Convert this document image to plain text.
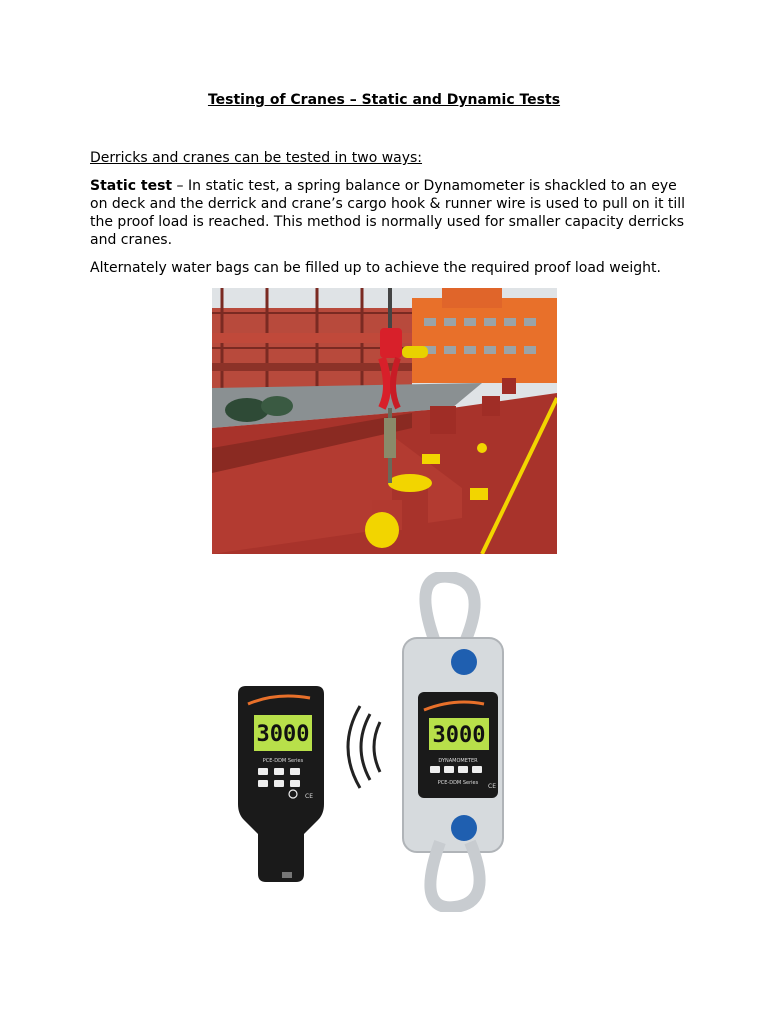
Testing of Cranes – Static and Dynamic Tests

Derricks and cranes can be tested in two ways:

Static test – In static test, a spring balance or Dynamometer is shackled to an eye on deck and the derrick and crane’s cargo hook & runner wire is used to pull on it till the proof load is reached. This method is normally used for smaller capacity derricks and cranes.

Alternately water bags can be filled up to achieve the required proof load weight.

3000
DYNAMOMETER
PCE-DDM Series CE
3000
PCE-DDM Series
CE
